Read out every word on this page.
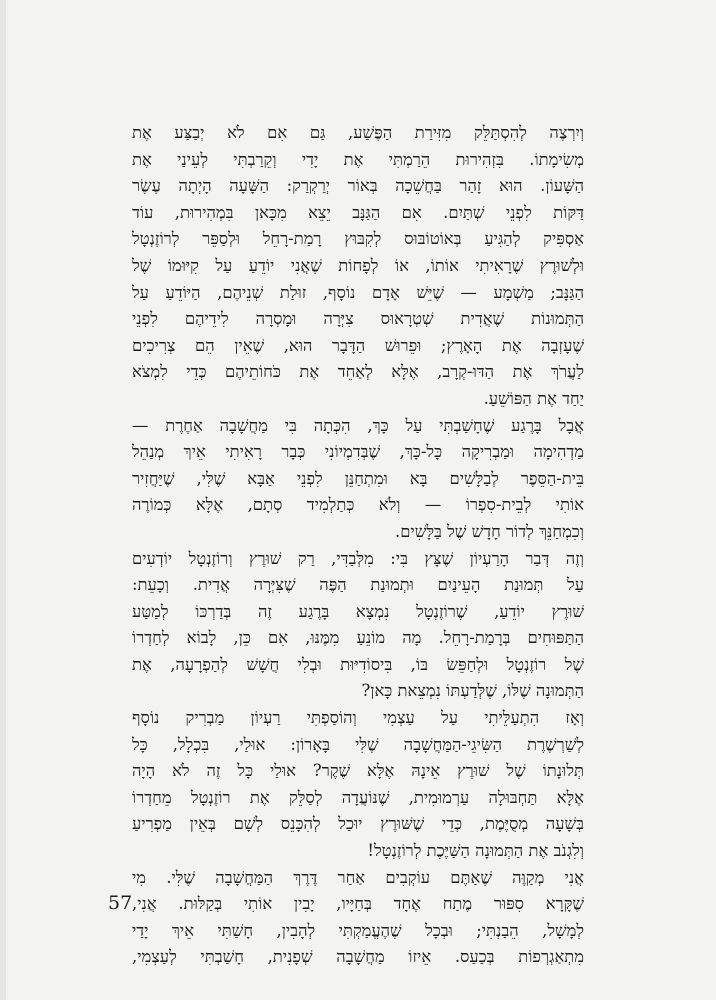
וְיִרְצֶה לְהִסְתַּלֵּק מִזִּירַת הַפֶּשַׁע, גַּם אִם לֹא יְבַצַּע אֶת
מְשִׂימָתוֹ. בִּזְהִירוּת הֵרַמְתִּי אֶת יָדִי וְקֵרַבְתִּי לְעֵינַי אֶת
הַשָּׁעוֹן. הוּא זָהַר בַּחֲשֵׁכָה בְּאוֹר יְרַקְרַק: הַשָּׁעָה הָיְתָה עֶשֶׂר
דַּקּוֹת לִפְנֵי שְׁתַּיִם. אִם הַגַּנָּב יֵצֵא מִכָּאן בִּמְהִירוּת, עוֹד
אַסְפִּיק לְהַגִּיעַ בְּאוֹטוֹבּוּס לְקִבּוּץ רָמַת-רָחֵל וּלְסַפֵּר לְרוֹזֶנְטָל
וּלְשׁוּרֶץ שֶׁרָאִיתִי אוֹתוֹ, אוֹ לְפָחוֹת שֶׁאֲנִי יוֹדֵעַ עַל קִיּוּמוֹ שֶׁל
הַגַּנָּב; מַשְׁמָע — שֶׁיֵּשׁ אָדָם נוֹסָף, זוּלַת שְׁנֵיהֶם, הַיּוֹדֵעַ עַל
הַתְּמוּנוֹת שֶׁאֲדִית שְׁטְרָאוּס צִיְּרָה וּמָסְרָה לִידֵיהֶם לִפְנֵי
שֶׁעָזְבָה אֶת הָאָרֶץ; וּפֵרוּשׁ הַדָּבָר הוּא, שֶׁאֵין הֵם צְרִיכִים
לַעֲרֹךְ אֶת הַדּוּ-קְרָב, אֶלָּא לְאַחֵד אֶת כֹּחוֹתֵיהֶם כְּדֵי לִמְצֹא
יַחַד אֶת הַפּוֹשֵׁעַ.

אֲבָל בָּרֶגַע שֶׁחָשַׁבְתִּי עַל כָּךְ, הִכְּתָה בִּי מַחֲשָׁבָה אַחֶרֶת —
מַדְהִימָה וּמַבְרִיקָה כָּל-כָּךְ, שֶׁבְּדִמְיוֹנִי כְּבָר רָאִיתִי אֵיךְ מְנַהֵל
בֵּית-הַסֵּפֶר לְבַלָּשִׁים בָּא וּמִתְחַנֵּן לִפְנֵי אַבָּא שֶׁלִּי, שֶׁיַּחֲזִיר
אוֹתִי לְבֵית-סִפְרוֹ — וְלֹא כְּתַלְמִיד סְתָם, אֶלָּא כְּמוֹרֶה
וְכִמְחַנֵּךְ לְדוֹר חָדָשׁ שֶׁל בַּלָּשִׁים.

וְזֶה דְּבַר הָרַעְיוֹן שֶׁצָּץ בִּי: מִלְּבַדִּי, רַק שׁוּרֶץ וְרוֹזֶנְטָל יוֹדְעִים
עַל תְּמוּנַת הָעֵינַיִם וּתְמוּנַת הַפֶּה שֶׁצִּיְּרָה אֲדִית. וְכָעֵת:
שׁוּרֶץ יוֹדֵעַ, שֶׁרוֹזֶנְטָל נִמְצָא בָּרֶגַע זֶה בְּדַרְכּוֹ לְמַטַּע
הַתַּפּוּחִים בְּרָמַת-רָחֵל. מָה מוֹנֵעַ מִמֶּנּוּ, אִם כֵּן, לָבוֹא לְחַדְרוֹ
שֶׁל רוֹזֶנְטָל וּלְחַפֵּשׂ בּוֹ, בִּיסוֹדִיּוּת וּבְלִי חֲשָׁשׁ לְהַפְרָעָה, אֶת
הַתְּמוּנָה שֶׁלּוֹ, שֶׁלְּדַעְתּוֹ נִמְצֵאת כָּאן?

וְאָז הִתְעַלֵּיתִי עַל עַצְמִי וְהוֹסַפְתִּי רַעְיוֹן מַבְרִיק נוֹסָף
לְשַׁרְשֶׁרֶת הַשִּׂיגֵי-הַמַּחֲשָׁבָה שֶׁלִּי בָּאָרוֹן: אוּלַי, בִּכְלָל, כָּל
תְּלוּנָתוֹ שֶׁל שׁוּרֶץ אֵינָהּ אֶלָּא שֶׁקֶר? אוּלַי כָּל זֶה לֹא הָיָה
אֶלָּא תַּחְבּוּלָה עַרְמוּמִית, שֶׁנּוֹעֲדָה לְסַלֵּק אֶת רוֹזֶנְטָל מֵחַדְרוֹ
בְּשָׁעָה מְסֻיֶּמֶת, כְּדֵי שֶׁשּׁוּרֶץ יוּכַל לְהִכָּנֵס לְשָׁם בְּאֵין מַפְרִיעַ
וְלִגְנֹב אֶת הַתְּמוּנָה הַשַּׁיֶּכֶת לְרוֹזֶנְטָל!

אֲנִי מְקַוֶּה שֶׁאַתֶּם עוֹקְבִים אַחַר דֶּרֶךְ הַמַּחֲשָׁבָה שֶׁלִּי. מִי
שֶׁקָּרָא סִפּוּר מֶתַח אֶחָד בְּחַיָּיו, יָבִין אוֹתִי בְּקַלּוּת. אֲנִי,
לְמָשָׁל, הֵבַנְתִּי; וּבְכָל שֶׁהֶעֱמַקְתִּי לְהָבִין, חָשַׁתִּי אֵיךְ יָדַי
מִתְאַגְרְפוֹת בְּכַעַס. אֵיזוֹ מַחֲשָׁבָה שְׁפָנִית, חָשַׁבְתִּי לְעַצְמִי,

57
